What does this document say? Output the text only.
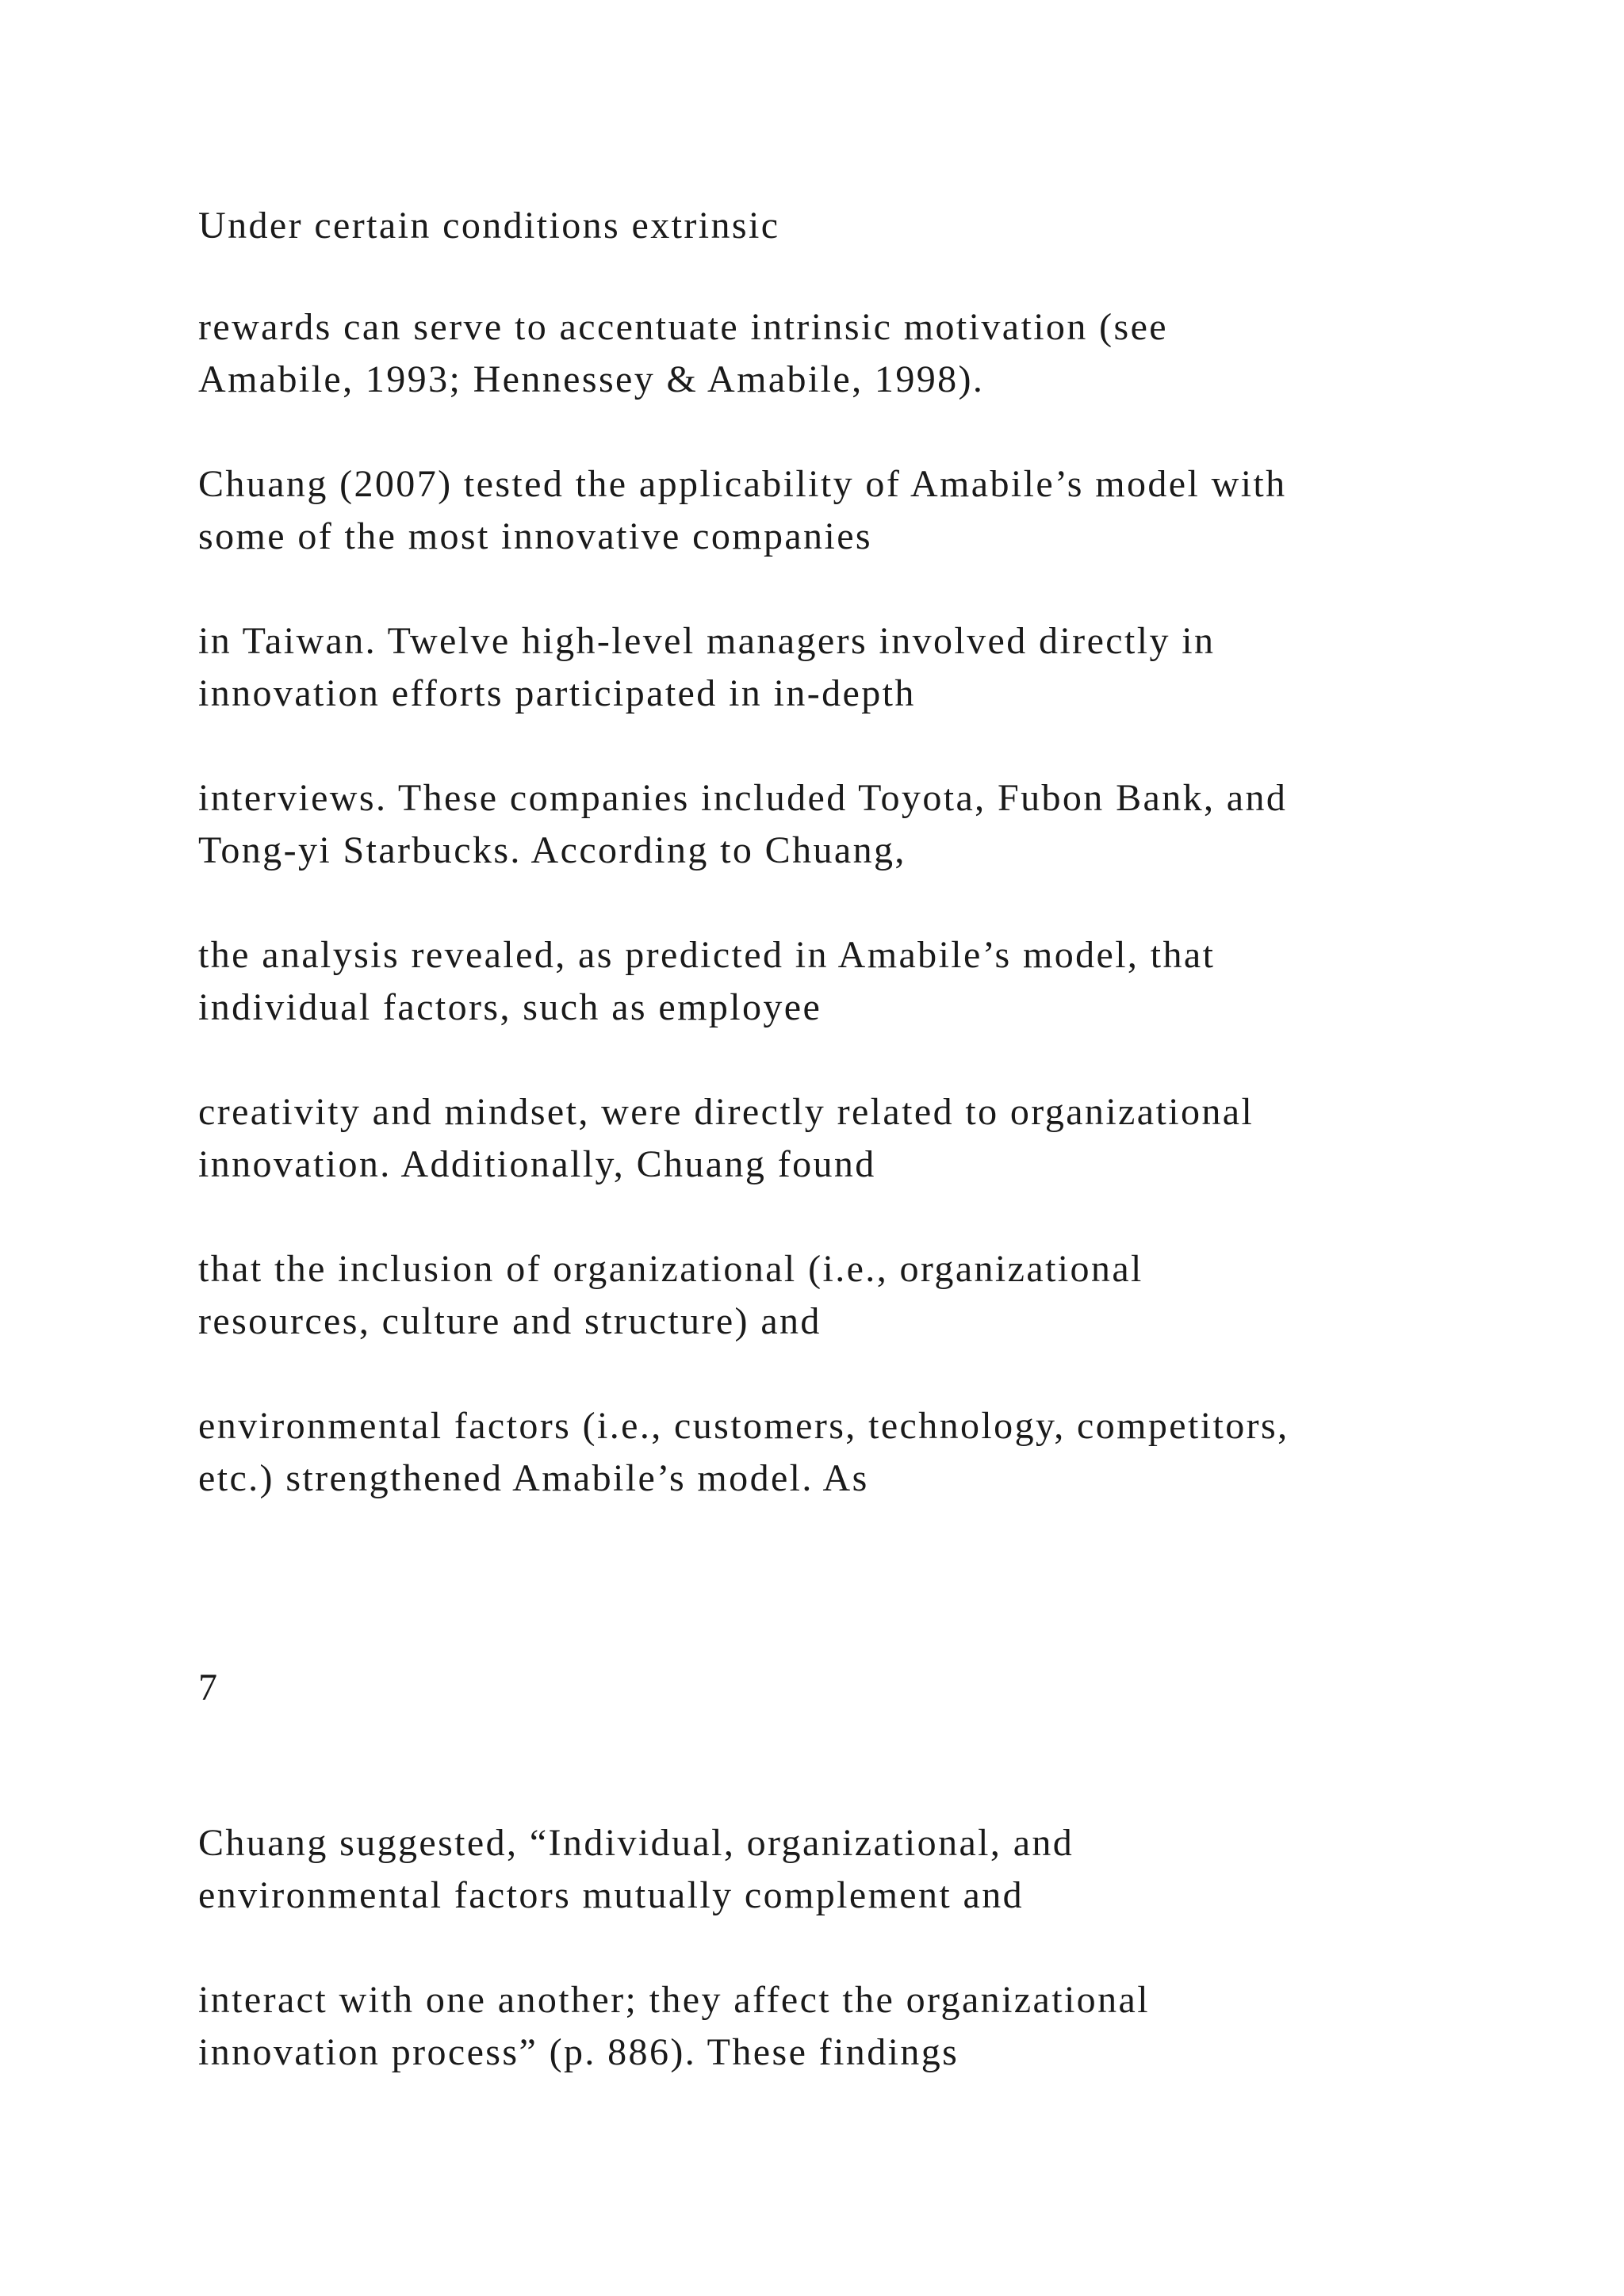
Under certain conditions extrinsic

rewards can serve to accentuate intrinsic motivation (see
Amabile, 1993; Hennessey & Amabile, 1998).

Chuang (2007) tested the applicability of Amabile’s model with
some of the most innovative companies

in Taiwan. Twelve high-level managers involved directly in
innovation efforts participated in in-depth

interviews. These companies included Toyota, Fubon Bank, and
Tong-yi Starbucks. According to Chuang,

the analysis revealed, as predicted in Amabile’s model, that
individual factors, such as employee

creativity and mindset, were directly related to organizational
innovation. Additionally, Chuang found

that the inclusion of organizational (i.e., organizational
resources, culture and structure) and

environmental factors (i.e., customers, technology, competitors,
etc.) strengthened Amabile’s model. As

7

Chuang suggested, “Individual, organizational, and
environmental factors mutually complement and

interact with one another; they affect the organizational
innovation process” (p. 886). These findings
